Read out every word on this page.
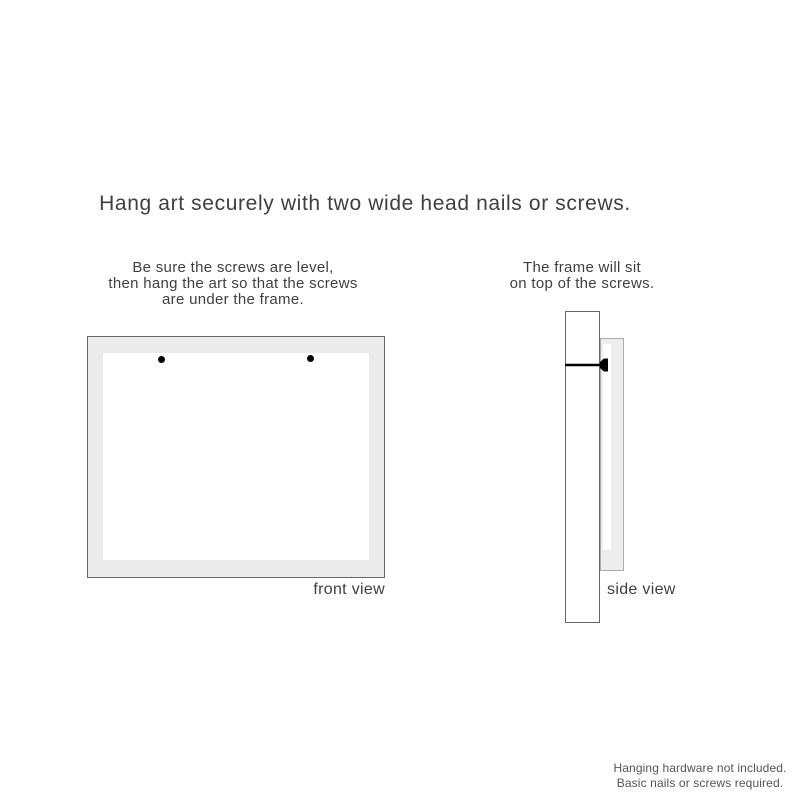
Hang art securely with two wide head nails or screws.
Be sure the screws are level,
then hang the art so that the screws
are under the frame.
The frame will sit
on top of the screws.
front view	side view
Hanging hardware not included.
Basic nails or screws required.
